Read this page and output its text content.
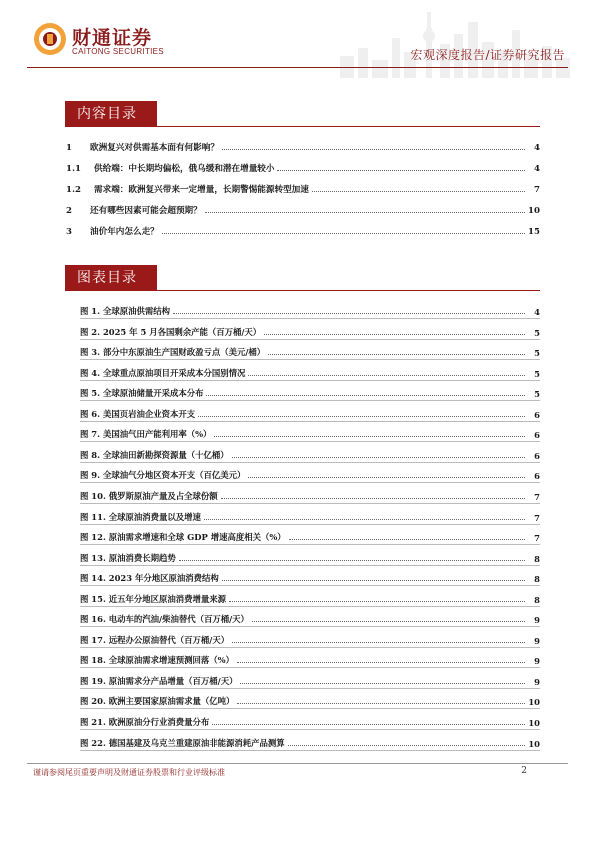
财通证券
CAITONG SECURITIES	宏观深度报告/证券研究报告
内容目录
1	欧洲复兴对供需基本面有何影响？	4
1.1	供给端：中长期均偏松，俄乌缓和潜在增量较小	4
1.2	需求端：欧洲复兴带来一定增量，长期警惕能源转型加速	7
2	还有哪些因素可能会超预期？	10
3	油价年内怎么走？	15
图表目录
图 1. 全球原油供需结构	4
图 2. 2025 年 5 月各国剩余产能（百万桶/天）	5
图 3. 部分中东原油生产国财政盈亏点（美元/桶）	5
图 4. 全球重点原油项目开采成本分国别情况	5
图 5. 全球原油储量开采成本分布	5
图 6. 美国页岩油企业资本开支	6
图 7. 美国油气田产能利用率（%）	6
图 8. 全球油田新勘探资源量（十亿桶）	6
图 9. 全球油气分地区资本开支（百亿美元）	6
图 10. 俄罗斯原油产量及占全球份额	7
图 11. 全球原油消费量以及增速	7
图 12. 原油需求增速和全球 GDP 增速高度相关（%）	7
图 13. 原油消费长期趋势	8
图 14. 2023 年分地区原油消费结构	8
图 15. 近五年分地区原油消费增量来源	8
图 16. 电动车的汽油/柴油替代（百万桶/天）	9
图 17. 远程办公原油替代（百万桶/天）	9
图 18. 全球原油需求增速预测回落（%）	9
图 19. 原油需求分产品增量（百万桶/天）	9
图 20. 欧洲主要国家原油需求量（亿吨）	10
图 21. 欧洲原油分行业消费量分布	10
图 22. 德国基建及乌克兰重建原油非能源消耗产品测算	10
谨请参阅尾页重要声明及财通证券股票和行业评级标准	2
